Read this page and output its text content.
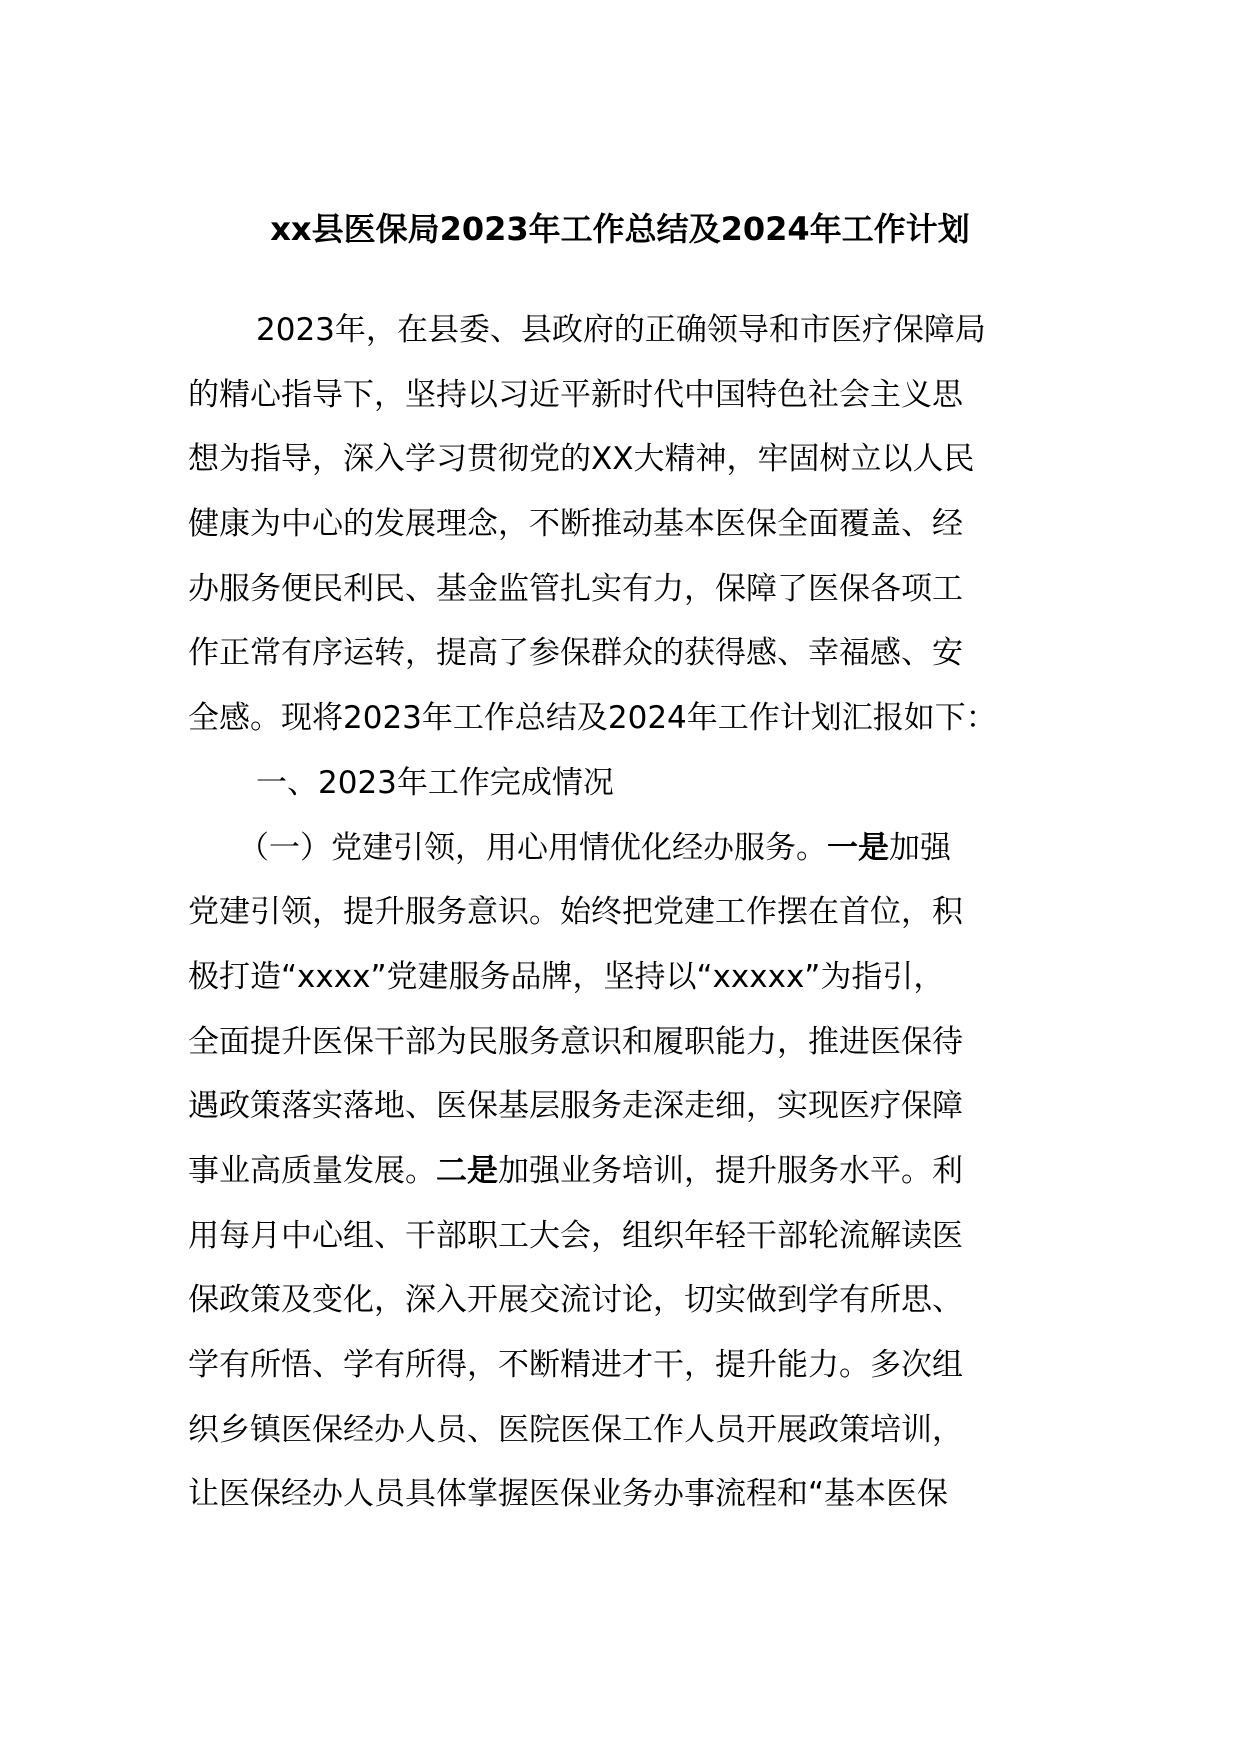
xx县医保局2023年工作总结及2024年工作计划
2023年，在县委、县政府的正确领导和市医疗保障局
的精心指导下，坚持以习近平新时代中国特色社会主义思
想为指导，深入学习贯彻党的XX大精神，牢固树立以人民
健康为中心的发展理念，不断推动基本医保全面覆盖、经
办服务便民利民、基金监管扎实有力，保障了医保各项工
作正常有序运转，提高了参保群众的获得感、幸福感、安
全感。现将2023年工作总结及2024年工作计划汇报如下：
一、2023年工作完成情况
（一）党建引领，用心用情优化经办服务。一是加强
党建引领，提升服务意识。始终把党建工作摆在首位，积
极打造“xxxx”党建服务品牌，坚持以“xxxxx”为指引，
全面提升医保干部为民服务意识和履职能力，推进医保待
遇政策落实落地、医保基层服务走深走细，实现医疗保障
事业高质量发展。二是加强业务培训，提升服务水平。利
用每月中心组、干部职工大会，组织年轻干部轮流解读医
保政策及变化，深入开展交流讨论，切实做到学有所思、
学有所悟、学有所得，不断精进才干，提升能力。多次组
织乡镇医保经办人员、医院医保工作人员开展政策培训，
让医保经办人员具体掌握医保业务办事流程和“基本医保
